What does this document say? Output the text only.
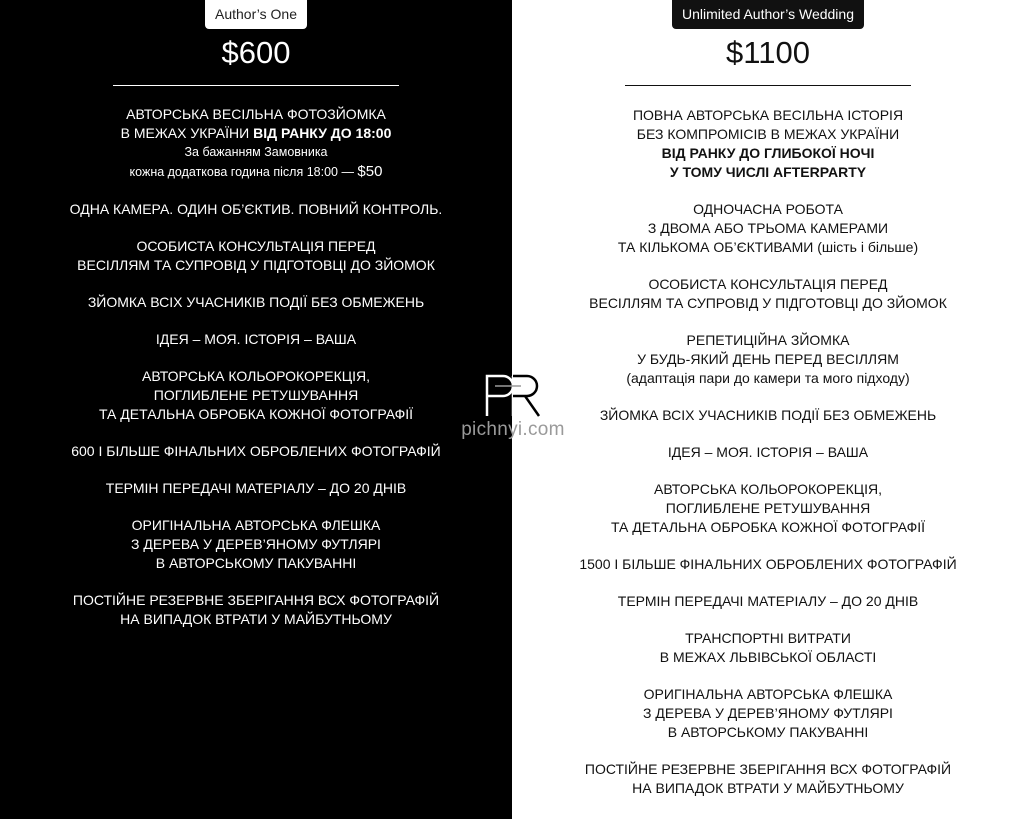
Author’s One
$600
АВТОРСЬКА ВЕСІЛЬНА ФОТОЗЙОМКА
В МЕЖАХ УКРАЇНИ ВІД РАНКУ ДО 18:00
За бажанням Замовника
кожна додаткова година після 18:00 — $50
ОДНА КАМЕРА. ОДИН ОБ’ЄКТИВ. ПОВНИЙ КОНТРОЛЬ.
ОСОБИСТА КОНСУЛЬТАЦІЯ ПЕРЕД
ВЕСІЛЛЯМ ТА СУПРОВІД У ПІДГОТОВЦІ ДО ЗЙОМОК
ЗЙОМКА ВСІХ УЧАСНИКІВ ПОДІЇ БЕЗ ОБМЕЖЕНЬ
ІДЕЯ – МОЯ. ІСТОРІЯ – ВАША
АВТОРСЬКА КОЛЬОРОКОРЕКЦІЯ,
ПОГЛИБЛЕНЕ РЕТУШУВАННЯ
ТА ДЕТАЛЬНА ОБРОБКА КОЖНОЇ ФОТОГРАФІЇ
600 І БІЛЬШЕ ФІНАЛЬНИХ ОБРОБЛЕНИХ ФОТОГРАФІЙ
ТЕРМІН ПЕРЕДАЧІ МАТЕРІАЛУ – ДО 20 ДНІВ
ОРИГІНАЛЬНА АВТОРСЬКА ФЛЕШКА
З ДЕРЕВА У ДЕРЕВ’ЯНОМУ ФУТЛЯРІ
В АВТОРСЬКОМУ ПАКУВАННІ
ПОСТІЙНЕ РЕЗЕРВНЕ ЗБЕРІГАННЯ ВСХ ФОТОГРАФІЙ
НА ВИПАДОК ВТРАТИ У МАЙБУТНЬОМУ
Unlimited Author’s Wedding
$1100
ПОВНА АВТОРСЬКА ВЕСІЛЬНА ІСТОРІЯ
БЕЗ КОМПРОМІСІВ В МЕЖАХ УКРАЇНИ
ВІД РАНКУ ДО ГЛИБОКОЇ НОЧІ
У ТОМУ ЧИСЛІ AFTERPARTY
ОДНОЧАСНА РОБОТА
З ДВОМА АБО ТРЬОМА КАМЕРАМИ
ТА КІЛЬКОМА ОБ’ЄКТИВАМИ (шість і більше)
ОСОБИСТА КОНСУЛЬТАЦІЯ ПЕРЕД
ВЕСІЛЛЯМ ТА СУПРОВІД У ПІДГОТОВЦІ ДО ЗЙОМОК
РЕПЕТИЦІЙНА ЗЙОМКА
У БУДЬ-ЯКИЙ ДЕНЬ ПЕРЕД ВЕСІЛЛЯМ
(адаптація пари до камери та мого підходу)
ЗЙОМКА ВСІХ УЧАСНИКІВ ПОДІЇ БЕЗ ОБМЕЖЕНЬ
ІДЕЯ – МОЯ. ІСТОРІЯ – ВАША
АВТОРСЬКА КОЛЬОРОКОРЕКЦІЯ,
ПОГЛИБЛЕНЕ РЕТУШУВАННЯ
ТА ДЕТАЛЬНА ОБРОБКА КОЖНОЇ ФОТОГРАФІЇ
1500 І БІЛЬШЕ ФІНАЛЬНИХ ОБРОБЛЕНИХ ФОТОГРАФІЙ
ТЕРМІН ПЕРЕДАЧІ МАТЕРІАЛУ – ДО 20 ДНІВ
ТРАНСПОРТНІ ВИТРАТИ
В МЕЖАХ ЛЬВІВСЬКОЇ ОБЛАСТІ
ОРИГІНАЛЬНА АВТОРСЬКА ФЛЕШКА
З ДЕРЕВА У ДЕРЕВ’ЯНОМУ ФУТЛЯРІ
В АВТОРСЬКОМУ ПАКУВАННІ
ПОСТІЙНЕ РЕЗЕРВНЕ ЗБЕРІГАННЯ ВСХ ФОТОГРАФІЙ
НА ВИПАДОК ВТРАТИ У МАЙБУТНЬОМУ
pichnyi.com
